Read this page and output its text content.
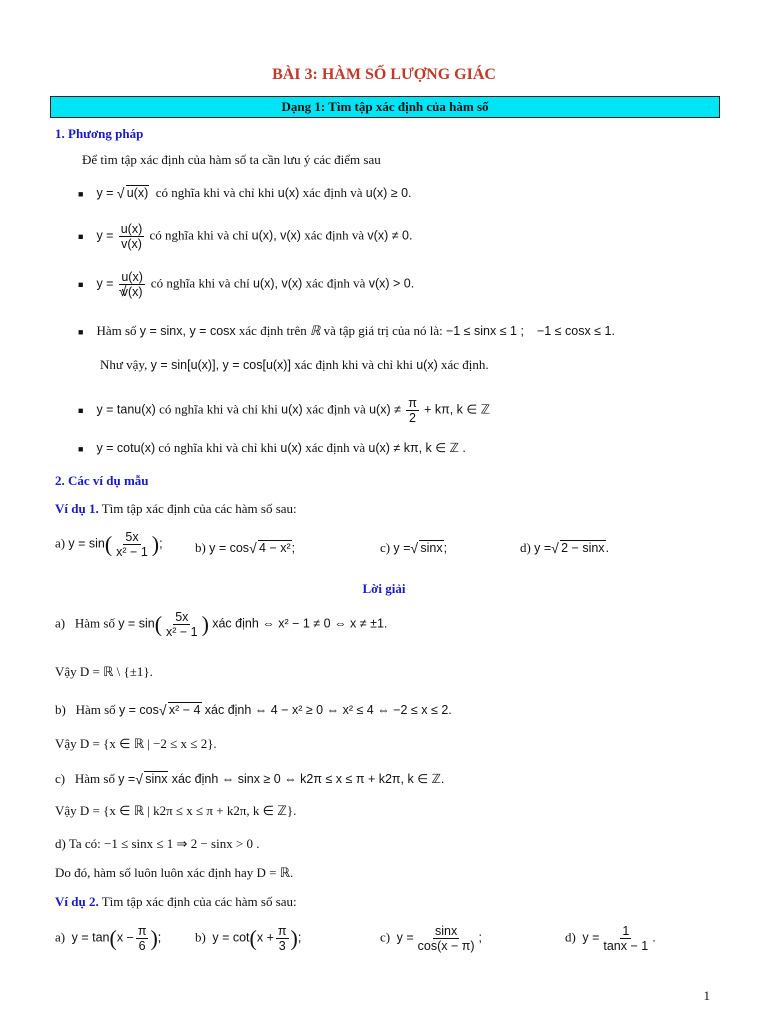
BÀI 3: HÀM SỐ LƯỢNG GIÁC
Dạng 1: Tìm tập xác định của hàm số
1. Phương pháp
Để tìm tập xác định của hàm số ta cần lưu ý các điểm sau
■ y = √ u(x) có nghĩa khi và chỉ khi u(x) xác định và u(x) ≥ 0.
■ $y = \frac{u(x)}{v(x)}$ có nghĩa khi và chỉ u(x), v(x) xác định và v(x) ≠ 0.
■ y = u(x)
√ v(x) có nghĩa khi và chỉ u(x), v(x) xác định và v(x) > 0.
■ Hàm số y = sinx, y = cosx xác định trên ℝ và tập giá trị của nó là: −1 ≤ sinx ≤ 1 ; −1 ≤ cosx ≤ 1.
Như vậy, y = sin[u(x)], y = cos[u(x)] xác định khi và chỉ khi u(x) xác định.
■ y = tanu(x) có nghĩa khi và chỉ khi u(x) xác định và $u(x) \ne \frac{\pi}{2} + k\pi$, k ∈ ℤ
■ y = cotu(x) có nghĩa khi và chỉ khi u(x) xác định và u(x) ≠ kπ, k ∈ ℤ .
2. Các ví dụ mẫu
Ví dụ 1. Tìm tập xác định của các hàm số sau:
a) $y = \sin( \frac{5x}{\text{x² − 1}}$ ); b) y = cos √ 4 − x²;	c) y = √ sinx;	d) y = √ 2 − sinx.
Lời giải
a) Hàm số $y = \sin( \frac{5x}{\text{x² − 1}}$ ) xác định ⇔ x² − 1 ≠ 0 ⇔ x ≠ ±1.
Vậy D = ℝ \ {±1}.
b) Hàm số y = cos √ x² − 4 xác định ⇔ 4 − x² ≥ 0 ⇔ x² ≤ 4 ⇔ −2 ≤ x ≤ 2.
Vậy D = {x ∈ ℝ | −2 ≤ x ≤ 2}.
c) Hàm số y = √ sinx xác định ⇔ sinx ≥ 0 ⇔ k2π ≤ x ≤ π + k2π, k ∈ ℤ.
Vậy D = {x ∈ ℝ | k2π ≤ x ≤ π + k2π, k ∈ ℤ}.
d) Ta có: −1 ≤ sinx ≤ 1 ⇒ 2 − sinx > 0 .
Do đó, hàm số luôn luôn xác định hay D = ℝ.
Ví dụ 2. Tìm tập xác định của các hàm số sau:
a) $y = \tan(x - \frac{\pi}{6}$ );	b) $y = \cot(x + \frac{\pi}{3}$ );	c) $y = \frac{\sin x}{\cos(x - \pi)}$ ;	d) $y = \frac{1}{\tan x - 1}$ .
1
